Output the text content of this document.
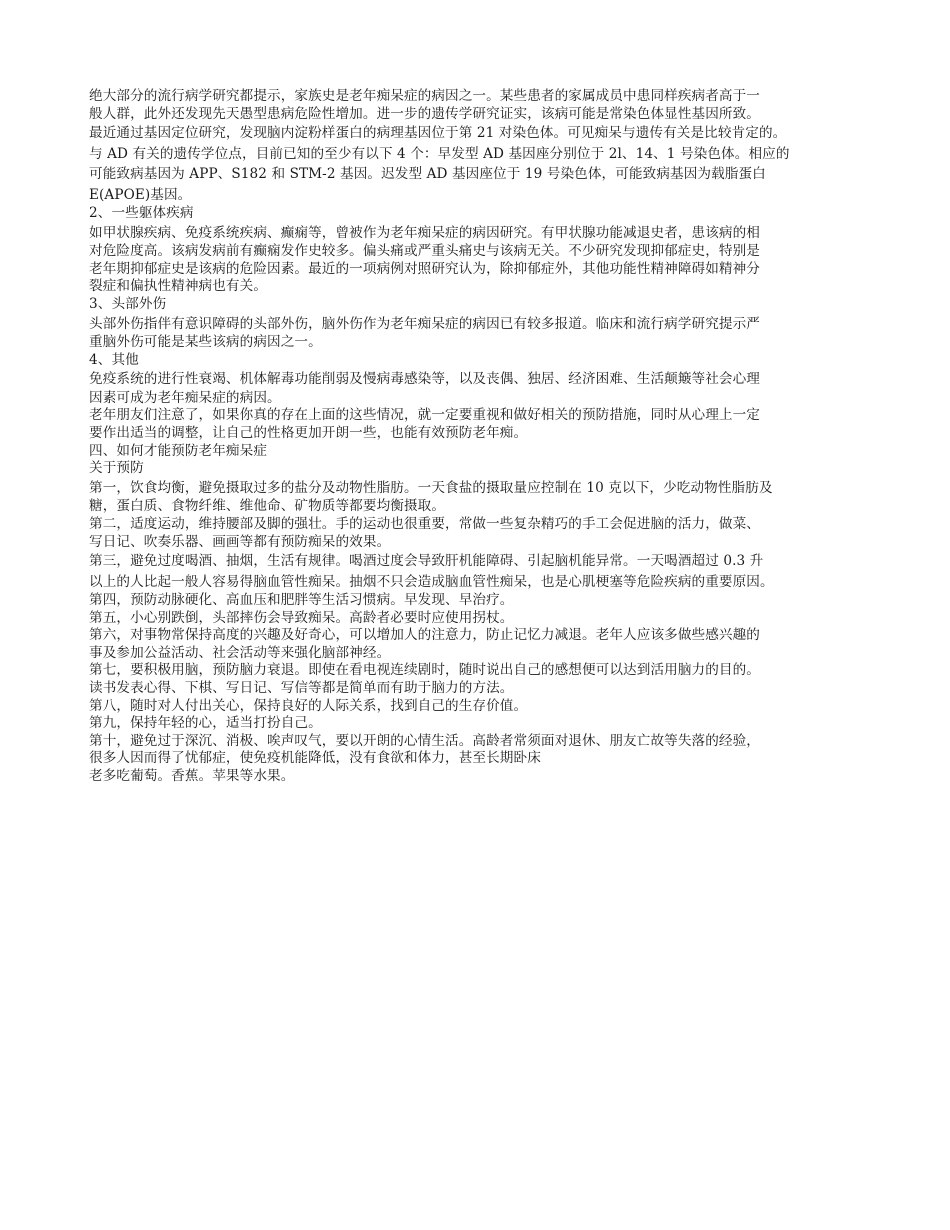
绝大部分的流行病学研究都提示，家族史是老年痴呆症的病因之一。某些患者的家属成员中患同样疾病者高于一
般人群，此外还发现先天愚型患病危险性增加。进一步的遗传学研究证实，该病可能是常染色体显性基因所致。
最近通过基因定位研究，发现脑内淀粉样蛋白的病理基因位于第 21 对染色体。可见痴呆与遗传有关是比较肯定的。
与 AD 有关的遗传学位点，目前已知的至少有以下 4 个：早发型 AD 基因座分别位于 2l、14、1 号染色体。相应的
可能致病基因为 APP、S182 和 STM-2 基因。迟发型 AD 基因座位于 19 号染色体，可能致病基因为载脂蛋白
E(APOE)基因。
2、一些躯体疾病
如甲状腺疾病、免疫系统疾病、癫痫等，曾被作为老年痴呆症的病因研究。有甲状腺功能减退史者，患该病的相
对危险度高。该病发病前有癫痫发作史较多。偏头痛或严重头痛史与该病无关。不少研究发现抑郁症史，特别是
老年期抑郁症史是该病的危险因素。最近的一项病例对照研究认为，除抑郁症外，其他功能性精神障碍如精神分
裂症和偏执性精神病也有关。
3、头部外伤
头部外伤指伴有意识障碍的头部外伤，脑外伤作为老年痴呆症的病因已有较多报道。临床和流行病学研究提示严
重脑外伤可能是某些该病的病因之一。
4、其他
免疫系统的进行性衰竭、机体解毒功能削弱及慢病毒感染等，以及丧偶、独居、经济困难、生活颠簸等社会心理
因素可成为老年痴呆症的病因。
老年朋友们注意了，如果你真的存在上面的这些情况，就一定要重视和做好相关的预防措施，同时从心理上一定
要作出适当的调整，让自己的性格更加开朗一些，也能有效预防老年痴。
四、如何才能预防老年痴呆症
关于预防
第一，饮食均衡，避免摄取过多的盐分及动物性脂肪。一天食盐的摄取量应控制在 10 克以下，少吃动物性脂肪及
糖，蛋白质、食物纤维、维他命、矿物质等都要均衡摄取。
第二，适度运动，维持腰部及脚的强壮。手的运动也很重要，常做一些复杂精巧的手工会促进脑的活力，做菜、
写日记、吹奏乐器、画画等都有预防痴呆的效果。
第三，避免过度喝酒、抽烟，生活有规律。喝酒过度会导致肝机能障碍、引起脑机能异常。一天喝酒超过 0.3 升
以上的人比起一般人容易得脑血管性痴呆。抽烟不只会造成脑血管性痴呆，也是心肌梗塞等危险疾病的重要原因。
第四，预防动脉硬化、高血压和肥胖等生活习惯病。早发现、早治疗。
第五，小心别跌倒，头部摔伤会导致痴呆。高龄者必要时应使用拐杖。
第六，对事物常保持高度的兴趣及好奇心，可以增加人的注意力，防止记忆力减退。老年人应该多做些感兴趣的
事及参加公益活动、社会活动等来强化脑部神经。
第七，要积极用脑，预防脑力衰退。即使在看电视连续剧时，随时说出自己的感想便可以达到活用脑力的目的。
读书发表心得、下棋、写日记、写信等都是简单而有助于脑力的方法。
第八，随时对人付出关心，保持良好的人际关系，找到自己的生存价值。
第九，保持年轻的心，适当打扮自己。
第十，避免过于深沉、消极、唉声叹气，要以开朗的心情生活。高龄者常须面对退休、朋友亡故等失落的经验，
很多人因而得了忧郁症，使免疫机能降低，没有食欲和体力，甚至长期卧床
老多吃葡萄。香蕉。苹果等水果。
